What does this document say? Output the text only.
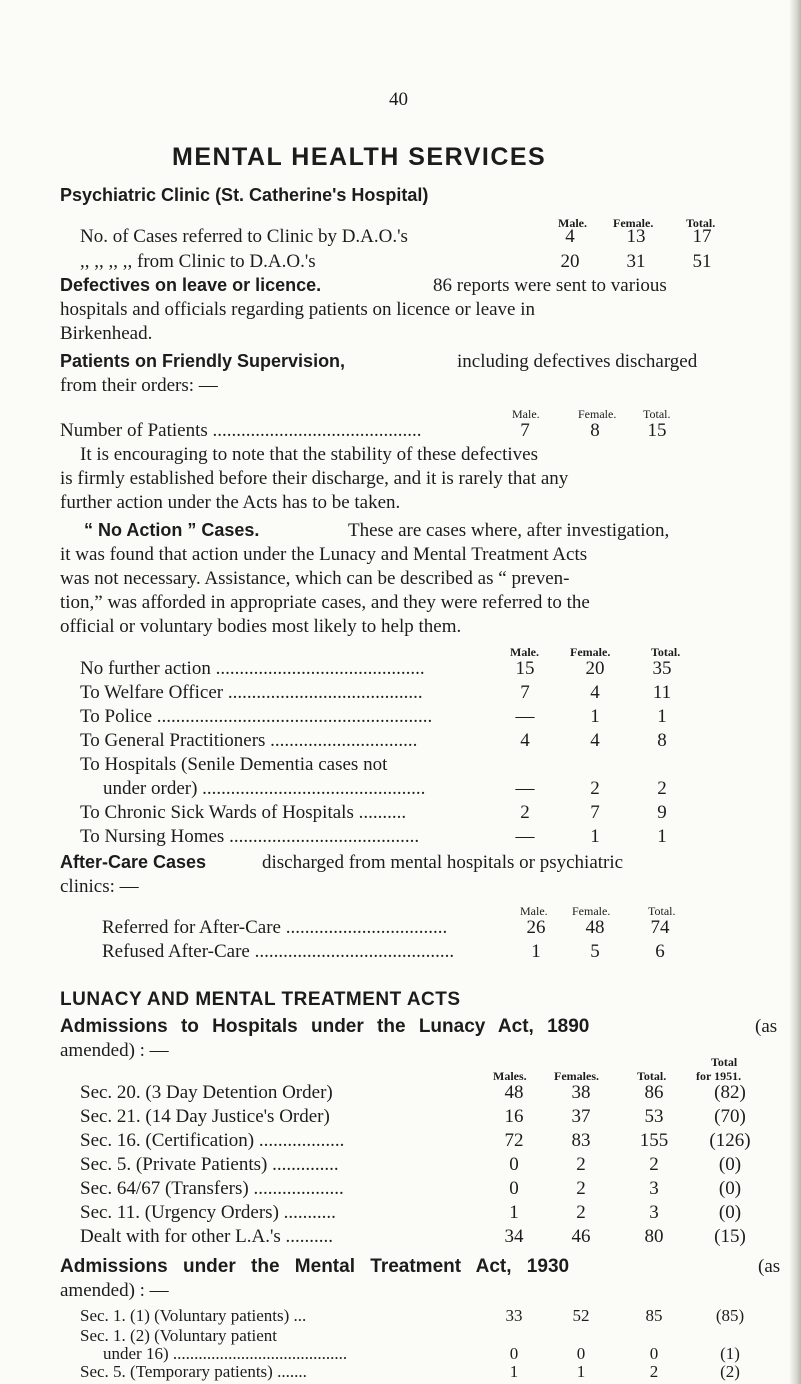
40
MENTAL HEALTH SERVICES
Psychiatric Clinic (St. Catherine's Hospital)
Male. Female.	Total.
No. of Cases referred to Clinic by D.A.O.'s	4	13	17
,, ,, ,, ,, from Clinic to D.A.O.'s	20	31	51
Defectives on leave or licence.	86 reports were sent to various
hospitals and officials regarding patients on licence or leave in
Birkenhead.
Patients on Friendly Supervision,	including defectives discharged
from their orders: —
Male.	Female. Total.
Number of Patients ............................................	7	8	15
It is encouraging to note that the stability of these defectives
is firmly established before their discharge, and it is rarely that any
further action under the Acts has to be taken.
“ No Action ” Cases.	These are cases where, after investigation,
it was found that action under the Lunacy and Mental Treatment Acts
was not necessary. Assistance, which can be described as “ preven-
tion,” was afforded in appropriate cases, and they were referred to the
official or voluntary bodies most likely to help them.
Male.	Female.	Total.
No further action ............................................	15	20	35
To Welfare Officer .........................................	7	4	11
To Police ..........................................................	—	1	1
To General Practitioners ...............................	4	4	8
To Hospitals (Senile Dementia cases not
under order) ...............................................	—	2	2
To Chronic Sick Wards of Hospitals ..........	2	7	9
To Nursing Homes ........................................	—	1	1
After-Care Cases	discharged from mental hospitals or psychiatric
clinics: —
Male. Female.	Total.
Referred for After-Care ..................................	26	48	74
Refused After-Care ..........................................	1	5	6
LUNACY AND MENTAL TREATMENT ACTS
Admissions to Hospitals under the Lunacy Act, 1890	(as
amended) : —
Males. Females.	Total.
Total
for 1951.
Sec. 20. (3 Day Detention Order)	48	38	86	(82)
Sec. 21. (14 Day Justice's Order)	16	37	53	(70)
Sec. 16. (Certification) ..................	72	83	155	(126)
Sec. 5. (Private Patients) ..............	0	2	2	(0)
Sec. 64/67 (Transfers) ...................	0	2	3	(0)
Sec. 11. (Urgency Orders) ...........	1	2	3	(0)
Dealt with for other L.A.'s ..........	34	46	80	(15)
Admissions under the Mental Treatment Act, 1930	(as
amended) : —
Sec. 1. (1) (Voluntary patients) ...	33	52	85	(85)
Sec. 1. (2) (Voluntary patient
under 16) .........................................	0	0	0	(1)
Sec. 5. (Temporary patients) .......	1	1	2	(2)
